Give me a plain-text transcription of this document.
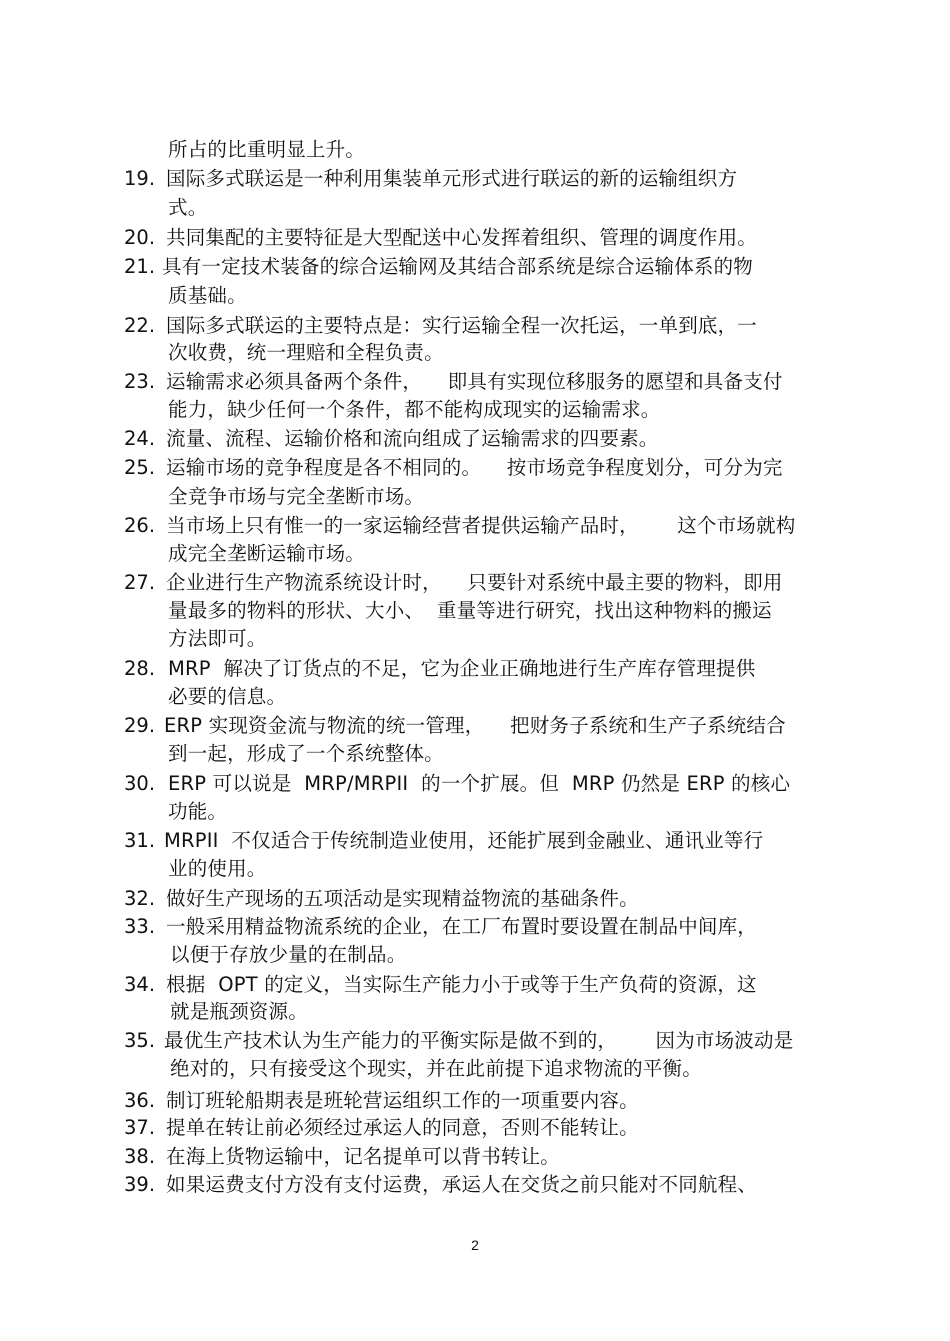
所占的比重明显上升。
19. 国际多式联运是一种利用集装单元形式进行联运的新的运输组织方
式。
20. 共同集配的主要特征是大型配送中心发挥着组织、管理的调度作用。
21. 具有一定技术装备的综合运输网及其结合部系统是综合运输体系的物
质基础。
22. 国际多式联运的主要特点是：实行运输全程一次托运，一单到底，一
次收费，统一理赔和全程负责。
23. 运输需求必须具备两个条件，    即具有实现位移服务的愿望和具备支付
能力，缺少任何一个条件，都不能构成现实的运输需求。
24. 流量、流程、运输价格和流向组成了运输需求的四要素。
25. 运输市场的竞争程度是各不相同的。    按市场竞争程度划分，可分为完
全竞争市场与完全垄断市场。
26. 当市场上只有惟一的一家运输经营者提供运输产品时，      这个市场就构
成完全垄断运输市场。
27. 企业进行生产物流系统设计时，    只要针对系统中最主要的物料，即用
量最多的物料的形状、大小、  重量等进行研究，找出这种物料的搬运
方法即可。
28. MRP  解决了订货点的不足，它为企业正确地进行生产库存管理提供
必要的信息。
29. ERP 实现资金流与物流的统一管理，    把财务子系统和生产子系统结合
到一起，形成了一个系统整体。
30. ERP 可以说是  MRP/MRPII  的一个扩展。但  MRP 仍然是 ERP 的核心
功能。
31. MRPII  不仅适合于传统制造业使用，还能扩展到金融业、通讯业等行
业的使用。
32. 做好生产现场的五项活动是实现精益物流的基础条件。
33. 一般采用精益物流系统的企业，在工厂布置时要设置在制品中间库，
以便于存放少量的在制品。
34. 根据  OPT 的定义，当实际生产能力小于或等于生产负荷的资源，这
就是瓶颈资源。
35. 最优生产技术认为生产能力的平衡实际是做不到的，      因为市场波动是
绝对的，只有接受这个现实，并在此前提下追求物流的平衡。
36. 制订班轮船期表是班轮营运组织工作的一项重要内容。
37. 提单在转让前必须经过承运人的同意，否则不能转让。
38. 在海上货物运输中，记名提单可以背书转让。
39. 如果运费支付方没有支付运费，承运人在交货之前只能对不同航程、
2
